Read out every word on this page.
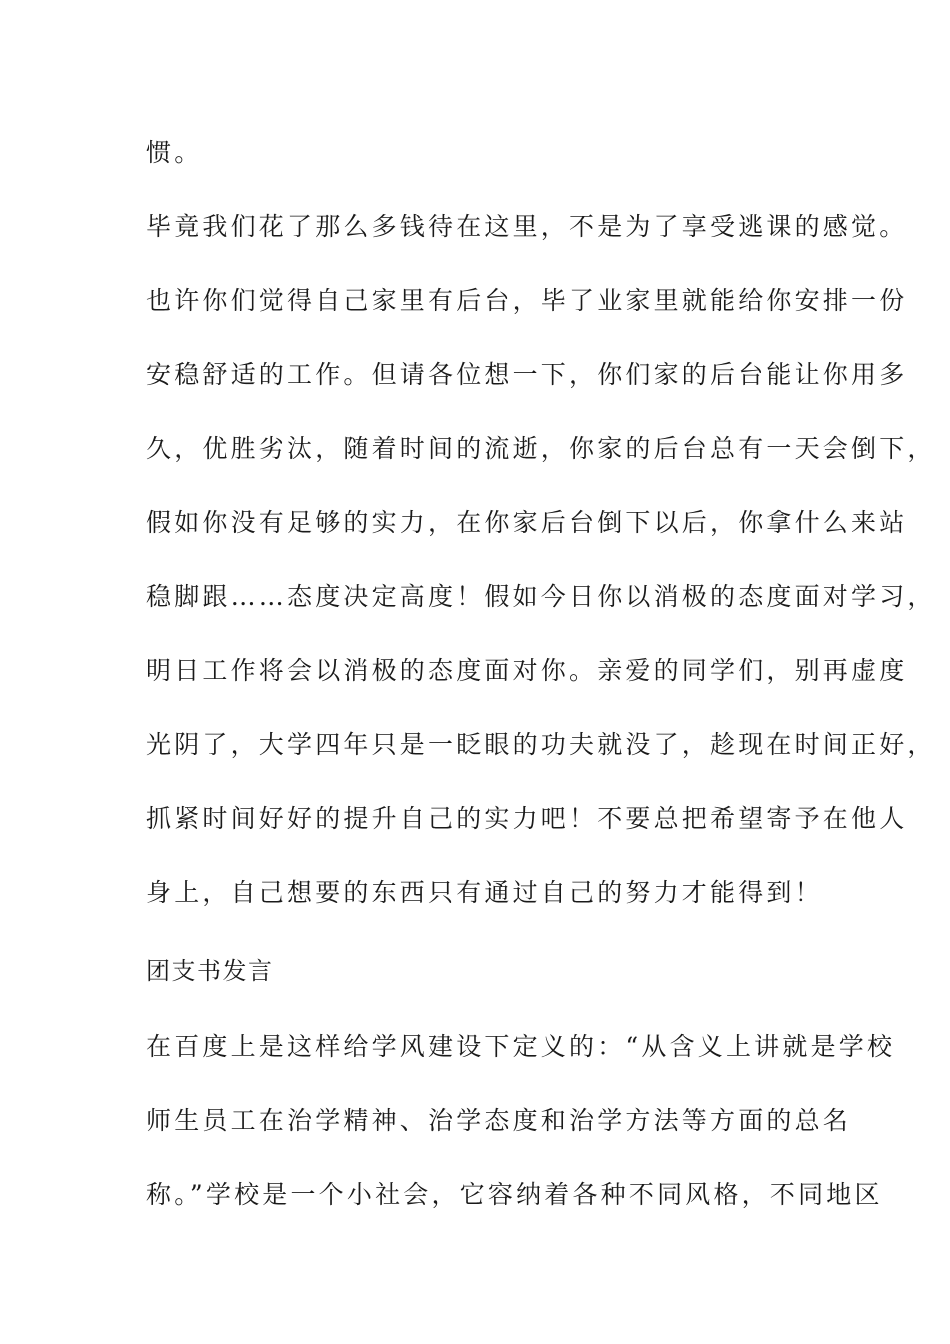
惯。
毕竟我们花了那么多钱待在这里，不是为了享受逃课的感觉。
也许你们觉得自己家里有后台，毕了业家里就能给你安排一份
安稳舒适的工作。但请各位想一下，你们家的后台能让你用多
久，优胜劣汰，随着时间的流逝，你家的后台总有一天会倒下，
假如你没有足够的实力，在你家后台倒下以后，你拿什么来站
稳脚跟……态度决定高度！假如今日你以消极的态度面对学习，
明日工作将会以消极的态度面对你。亲爱的同学们，别再虚度
光阴了，大学四年只是一眨眼的功夫就没了，趁现在时间正好，
抓紧时间好好的提升自己的实力吧！不要总把希望寄予在他人
身上，自己想要的东西只有通过自己的努力才能得到！
团支书发言
在百度上是这样给学风建设下定义的：“从含义上讲就是学校
师生员工在治学精神、治学态度和治学方法等方面的总名
称。”学校是一个小社会，它容纳着各种不同风格，不同地区
